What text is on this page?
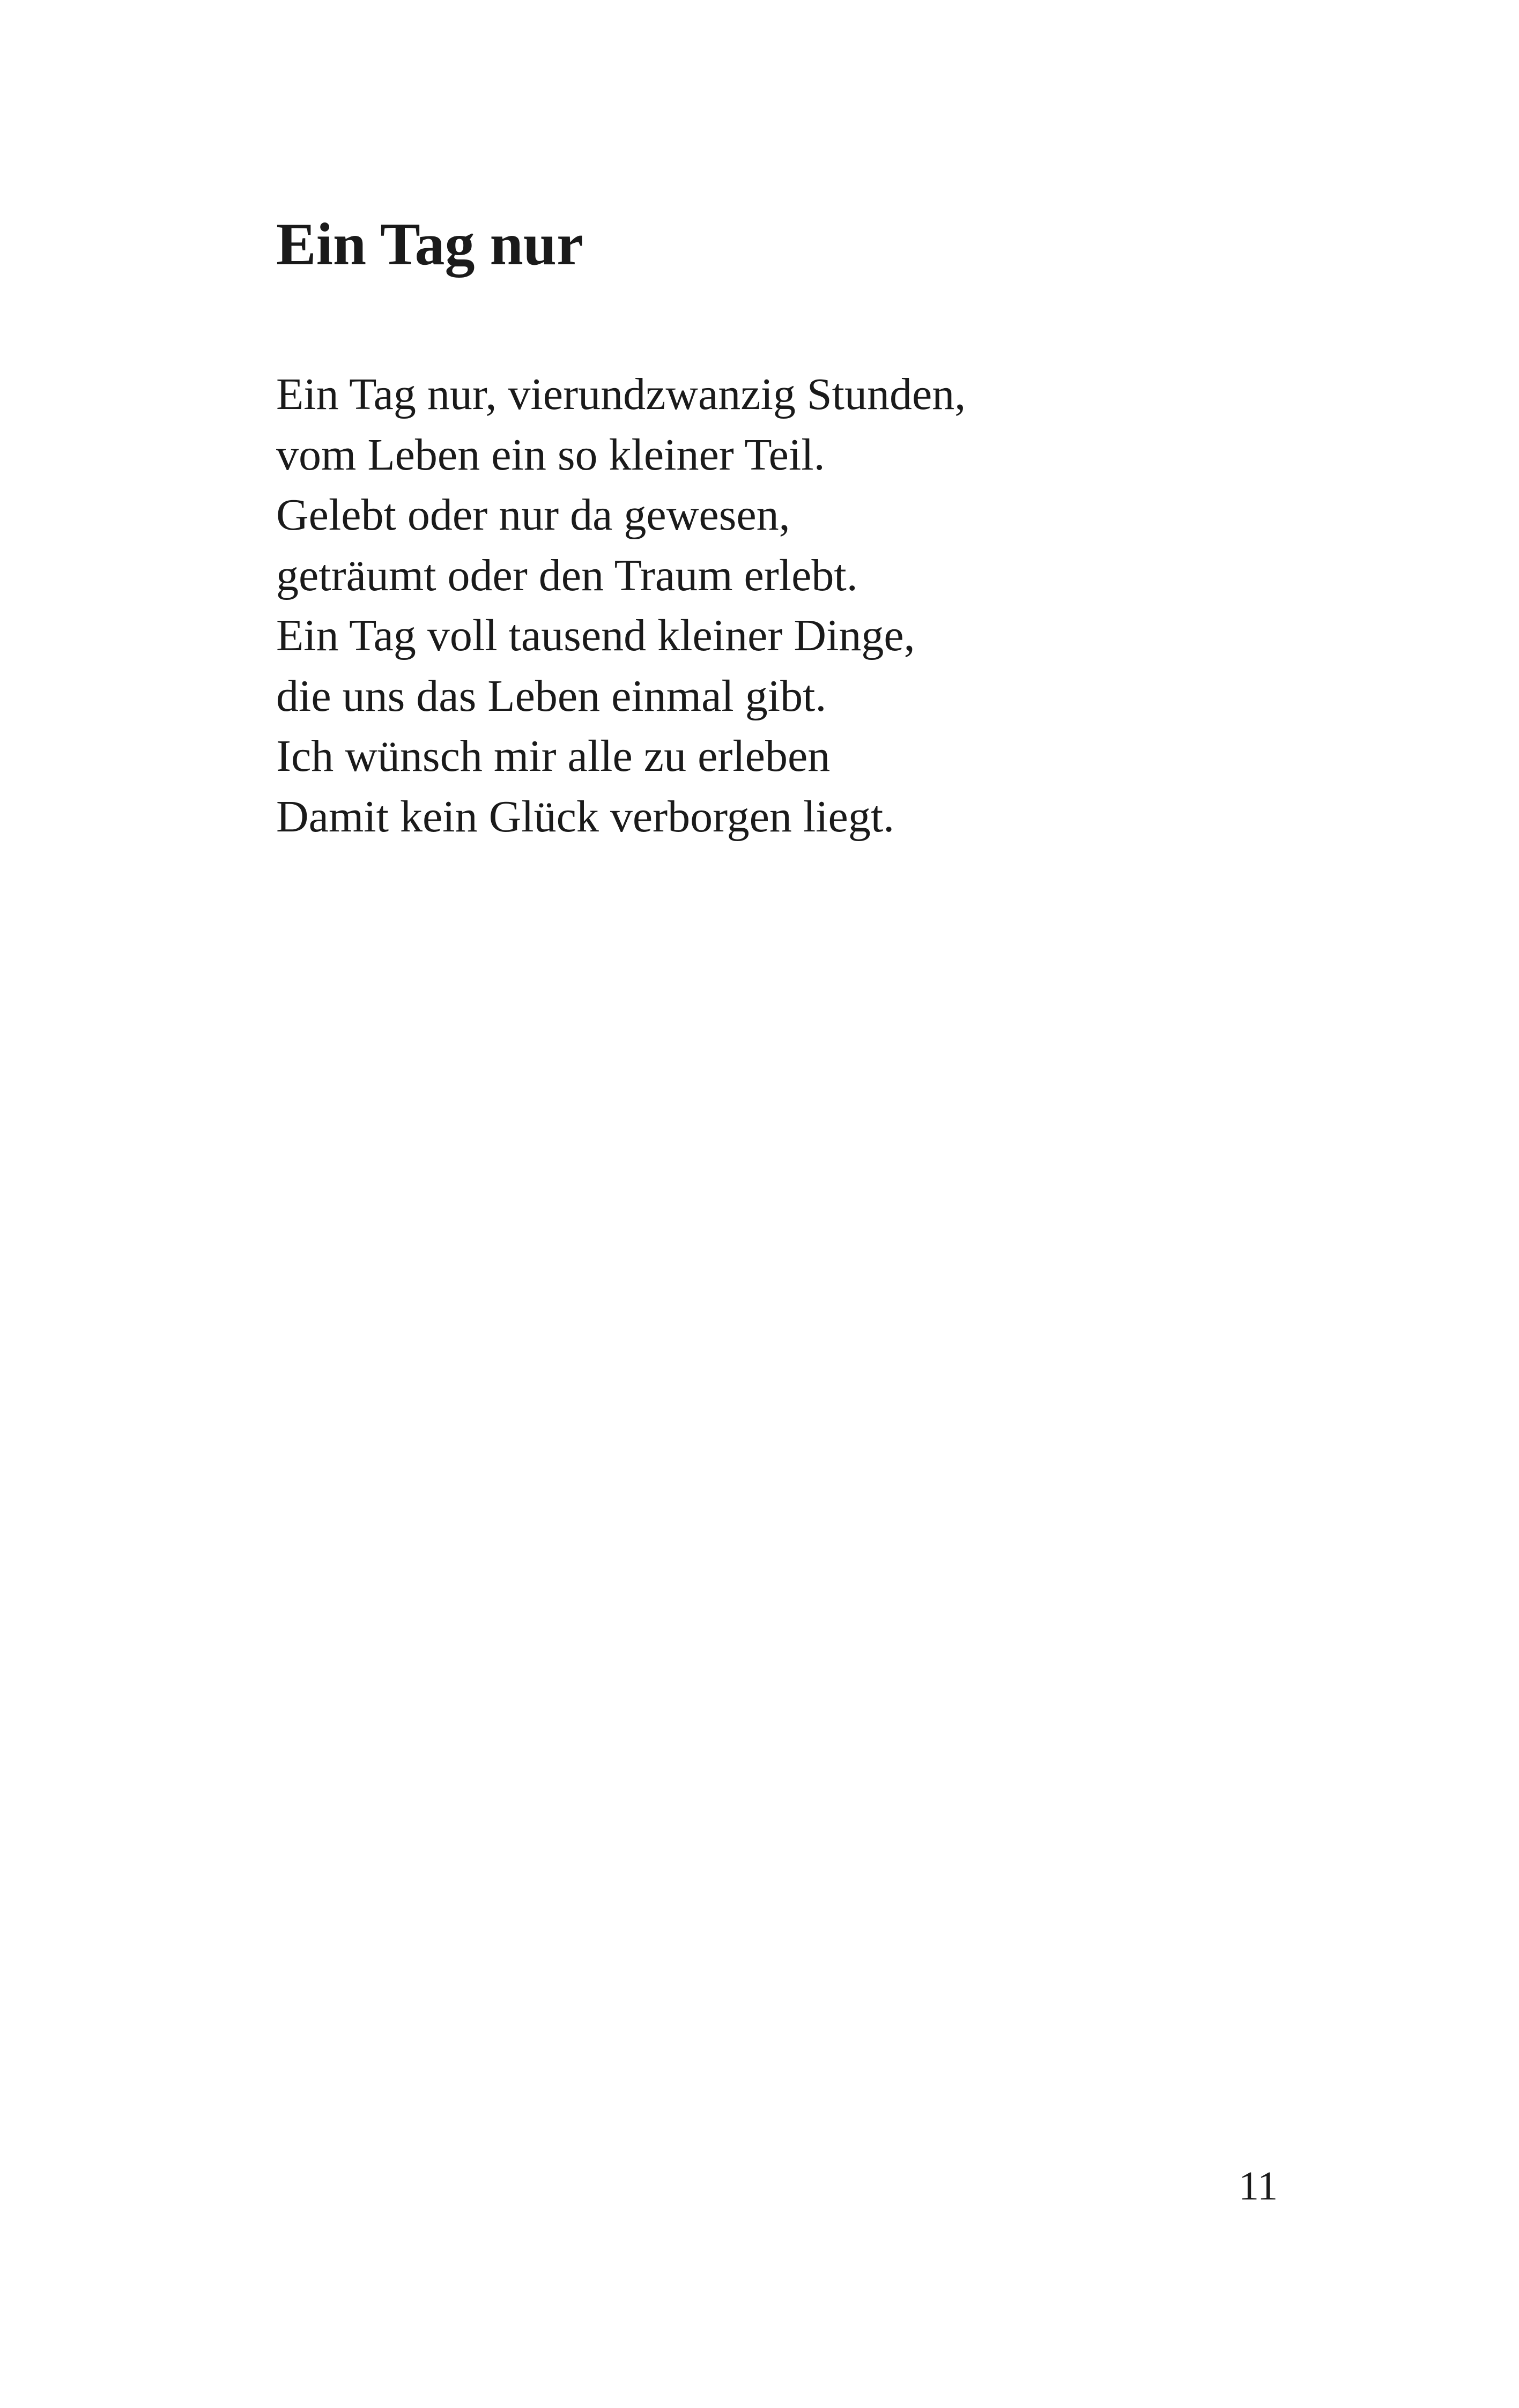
Ein Tag nur
Ein Tag nur, vierundzwanzig Stunden,
vom Leben ein so kleiner Teil.
Gelebt oder nur da gewesen,
geträumt oder den Traum erlebt.
Ein Tag voll tausend kleiner Dinge,
die uns das Leben einmal gibt.
Ich wünsch mir alle zu erleben
Damit kein Glück verborgen liegt.
11
